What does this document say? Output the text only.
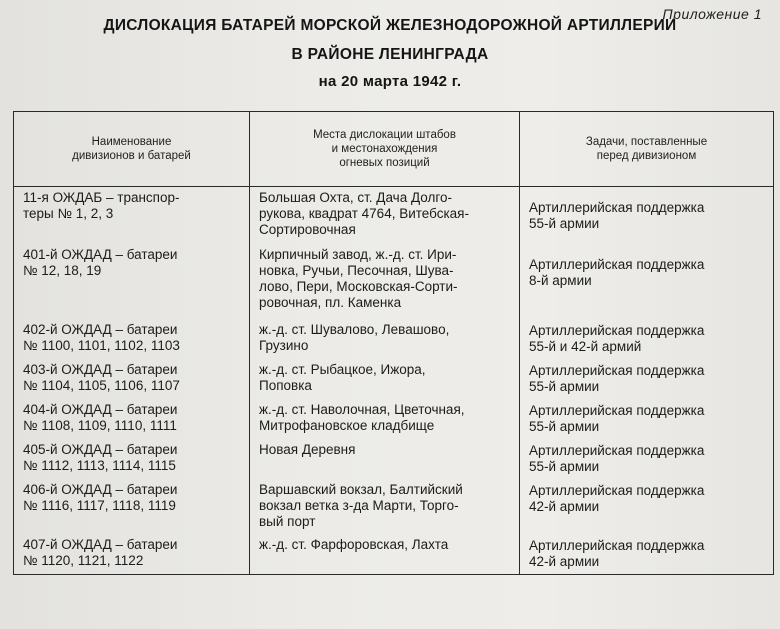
Приложение 1
ДИСЛОКАЦИЯ БАТАРЕЙ МОРСКОЙ ЖЕЛЕЗНОДОРОЖНОЙ АРТИЛЛЕРИИ
В РАЙОНЕ ЛЕНИНГРАДА
на 20 марта 1942 г.
Наименование
дивизионов и батарей	Места дислокации штабов
и местонахождения
огневых позиций	Задачи, поставленные
перед дивизионом

11-я ОЖДАБ – транспор-
теры № 1, 2, 3	Большая Охта, ст. Дача Долго-
рукова, квадрат 4764, Витебская-
Сортировочная	Артиллерийская поддержка
55-й армии

401-й ОЖДАД – батареи
№ 12, 18, 19	Кирпичный завод, ж.-д. ст. Ири-
новка, Ручьи, Песочная, Шува-
лово, Пери, Московская-Сорти-
ровочная, пл. Каменка	Артиллерийская поддержка
8-й армии

402-й ОЖДАД – батареи
№ 1100, 1101, 1102, 1103	ж.-д. ст. Шувалово, Левашово,
Грузино	Артиллерийская поддержка
55-й и 42-й армий

403-й ОЖДАД – батареи
№ 1104, 1105, 1106, 1107	ж.-д. ст. Рыбацкое, Ижора,
Поповка	Артиллерийская поддержка
55-й армии

404-й ОЖДАД – батареи
№ 1108, 1109, 1110, 1111	ж.-д. ст. Наволочная, Цветочная,
Митрофановское кладбище	Артиллерийская поддержка
55-й армии

405-й ОЖДАД – батареи
№ 1112, 1113, 1114, 1115	Новая Деревня	Артиллерийская поддержка
55-й армии

406-й ОЖДАД – батареи
№ 1116, 1117, 1118, 1119	Варшавский вокзал, Балтийский
вокзал ветка з-да Марти, Торго-
вый порт	Артиллерийская поддержка
42-й армии

407-й ОЖДАД – батареи
№ 1120, 1121, 1122	ж.-д. ст. Фарфоровская, Лахта	Артиллерийская поддержка
42-й армии
